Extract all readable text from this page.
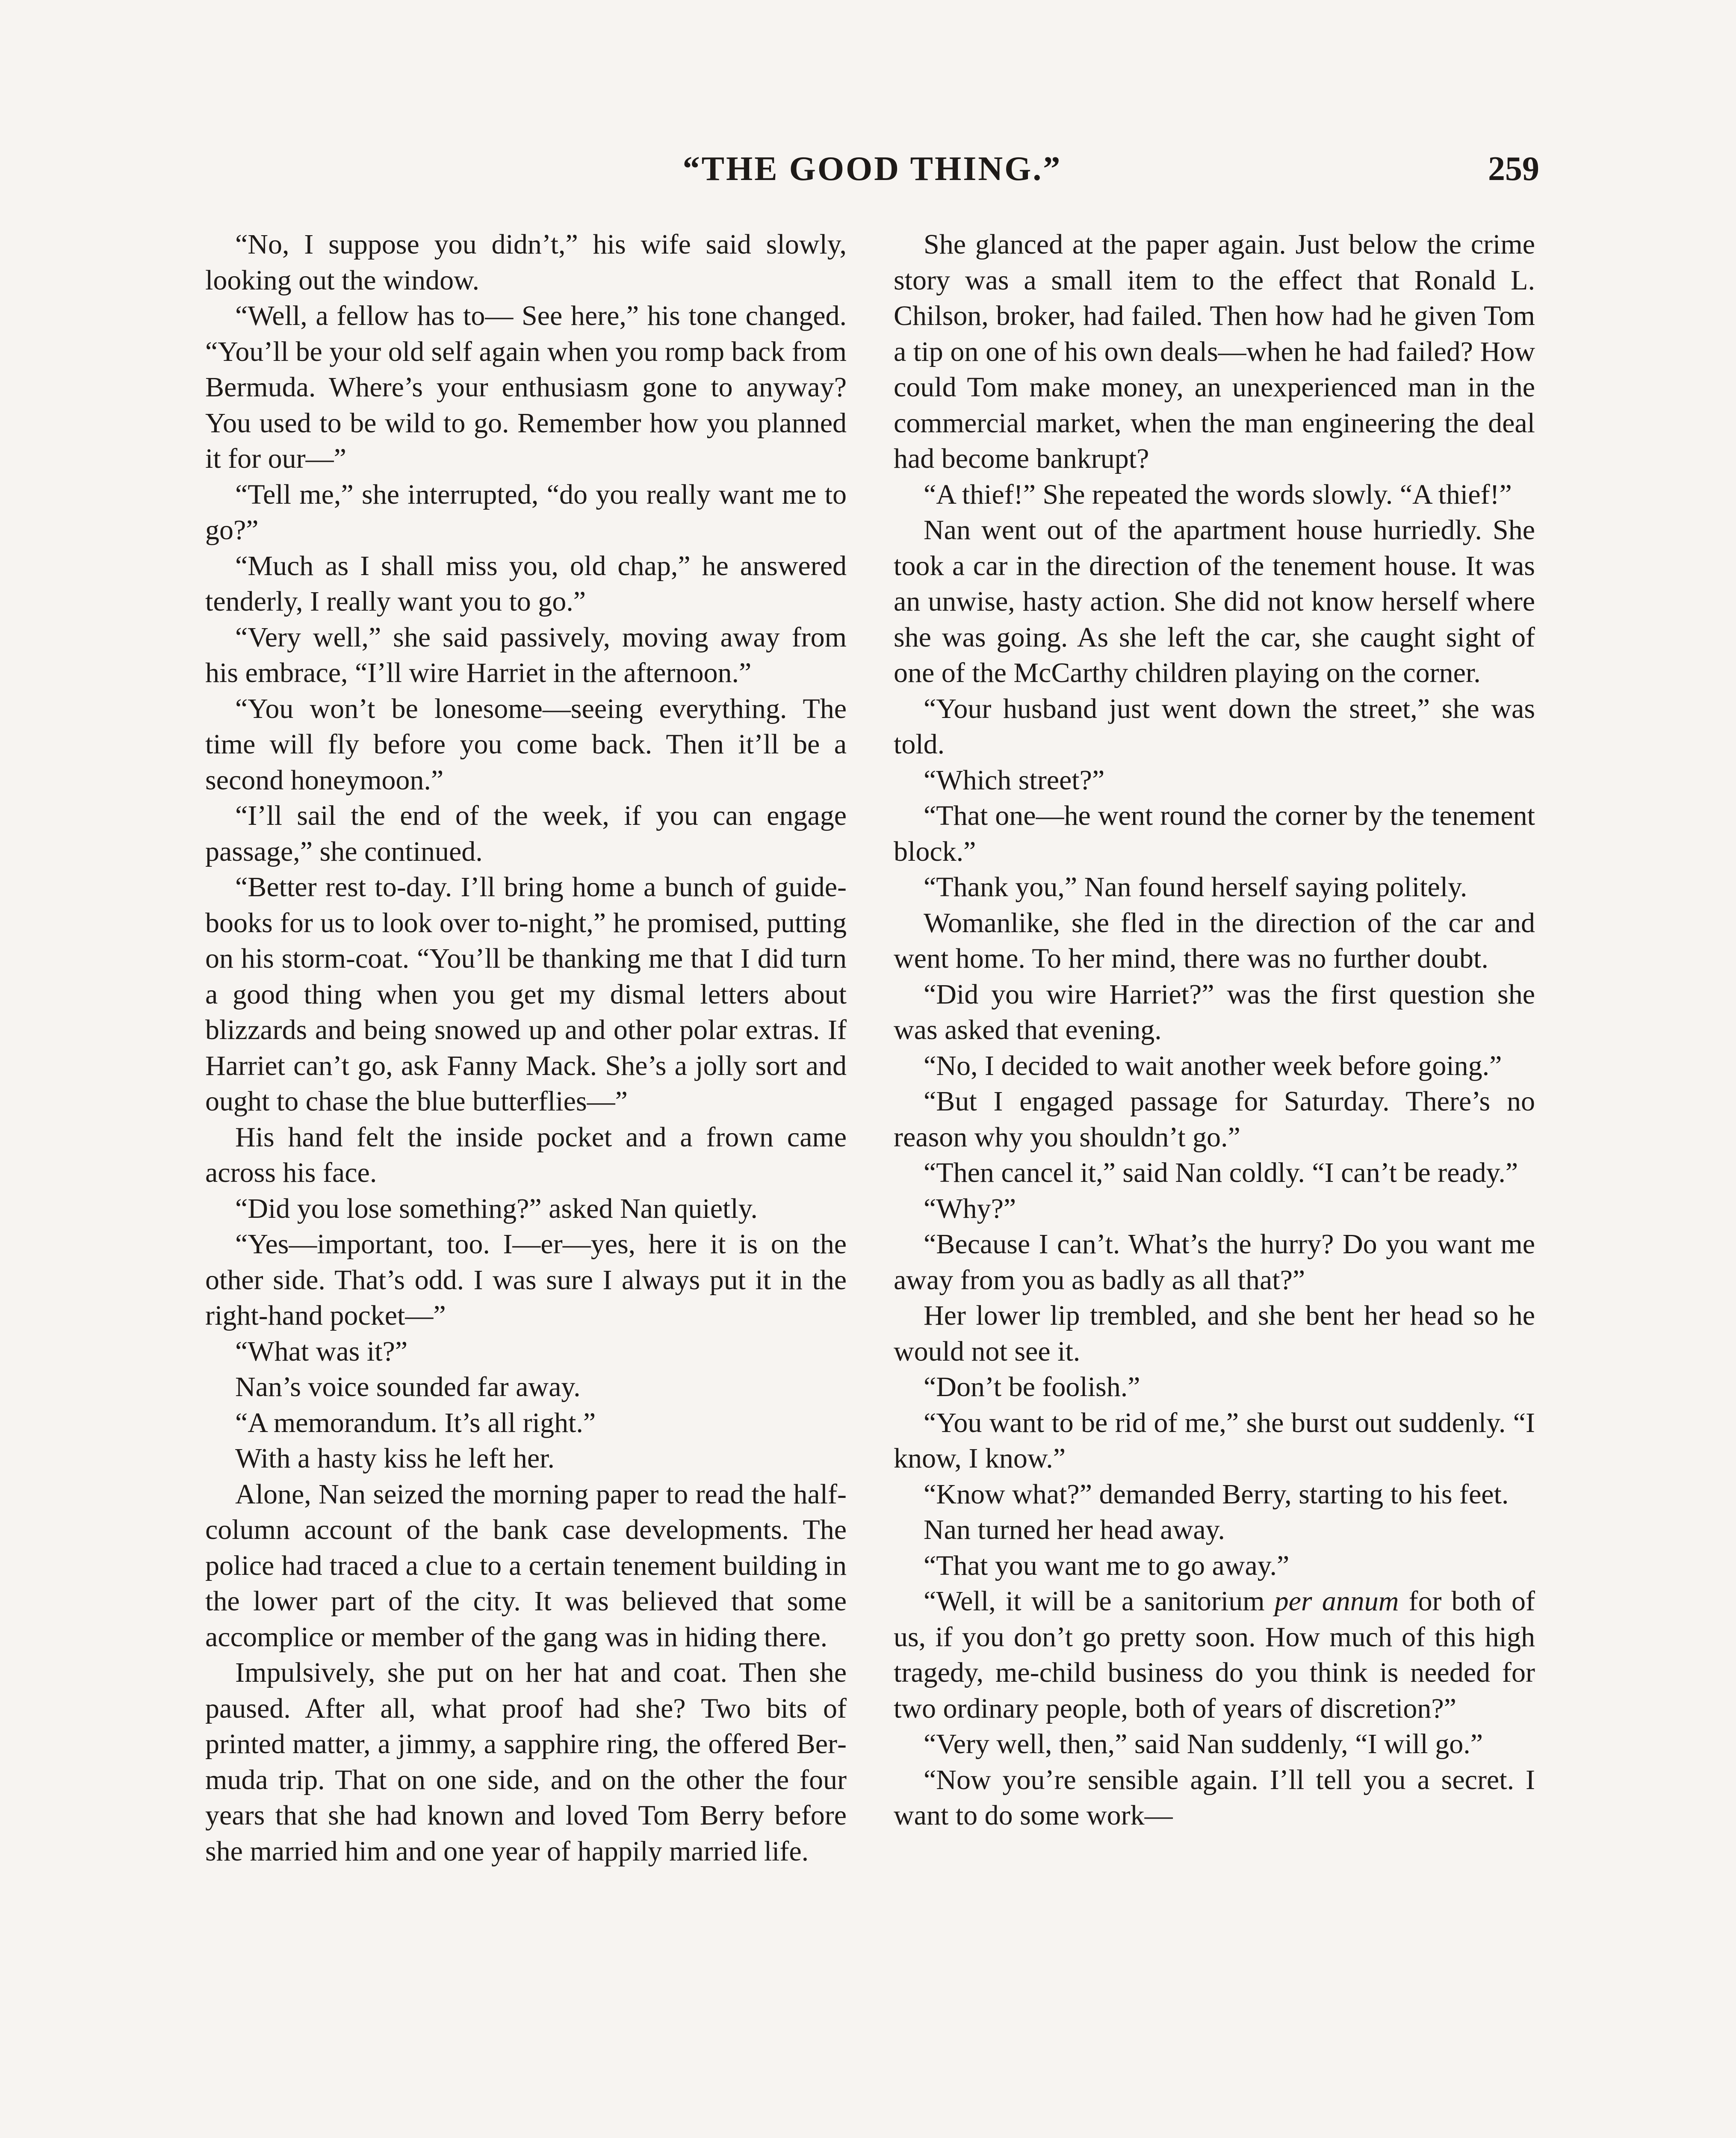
“THE GOOD THING.”	259

“No, I suppose you didn’t,” his wife said slowly, looking out the window.

“Well, a fellow has to— See here,” his tone changed. “You’ll be your old self again when you romp back from Bermuda. Where’s your enthusiasm gone to anyway? You used to be wild to go. Remember how you planned it for our—”

“Tell me,” she interrupted, “do you really want me to go?”

“Much as I shall miss you, old chap,” he answered tenderly, I really want you to go.”

“Very well,” she said passively, moving away from his embrace, “I’ll wire Harriet in the afternoon.”

“You won’t be lonesome—seeing everything. The time will fly before you come back. Then it’ll be a second honeymoon.”

“I’ll sail the end of the week, if you can engage passage,” she continued.

“Better rest to-day. I’ll bring home a bunch of guide-books for us to look over to-night,” he promised, putting on his storm-coat. “You’ll be thanking me that I did turn a good thing when you get my dismal letters about blizzards and being snowed up and other polar extras. If Harriet can’t go, ask Fanny Mack. She’s a jolly sort and ought to chase the blue butterflies—”

His hand felt the inside pocket and a frown came across his face.

“Did you lose something?” asked Nan quietly.

“Yes—important, too. I—er—yes, here it is on the other side. That’s odd. I was sure I always put it in the right-hand pocket—”

“What was it?”

Nan’s voice sounded far away.

“A memorandum. It’s all right.”

With a hasty kiss he left her.

Alone, Nan seized the morning paper to read the half-column account of the bank case developments. The police had traced a clue to a certain tenement building in the lower part of the city. It was believed that some accomplice or member of the gang was in hiding there.

Impulsively, she put on her hat and coat. Then she paused. After all, what proof had she? Two bits of printed matter, a jimmy, a sapphire ring, the offered Bermuda trip. That on one side, and on the other the four years that she had known and loved Tom Berry before she married him and one year of happily married life.

She glanced at the paper again. Just below the crime story was a small item to the effect that Ronald L. Chilson, broker, had failed. Then how had he given Tom a tip on one of his own deals—when he had failed? How could Tom make money, an unexperienced man in the commercial market, when the man engineering the deal had become bankrupt?

“A thief!” She repeated the words slowly. “A thief!”

Nan went out of the apartment house hurriedly. She took a car in the direction of the tenement house. It was an unwise, hasty action. She did not know herself where she was going. As she left the car, she caught sight of one of the McCarthy children playing on the corner.

“Your husband just went down the street,” she was told.

“Which street?”

“That one—he went round the corner by the tenement block.”

“Thank you,” Nan found herself saying politely.

Womanlike, she fled in the direction of the car and went home. To her mind, there was no further doubt.

“Did you wire Harriet?” was the first question she was asked that evening.

“No, I decided to wait another week before going.”

“But I engaged passage for Saturday. There’s no reason why you shouldn’t go.”

“Then cancel it,” said Nan coldly. “I can’t be ready.”

“Why?”

“Because I can’t. What’s the hurry? Do you want me away from you as badly as all that?”

Her lower lip trembled, and she bent her head so he would not see it.

“Don’t be foolish.”

“You want to be rid of me,” she burst out suddenly. “I know, I know.”

“Know what?” demanded Berry, starting to his feet.

Nan turned her head away.

“That you want me to go away.”

“Well, it will be a sanitorium per annum for both of us, if you don’t go pretty soon. How much of this high tragedy, me-child business do you think is needed for two ordinary people, both of years of discretion?”

“Very well, then,” said Nan suddenly, “I will go.”

“Now you’re sensible again. I’ll tell you a secret. I want to do some work—
